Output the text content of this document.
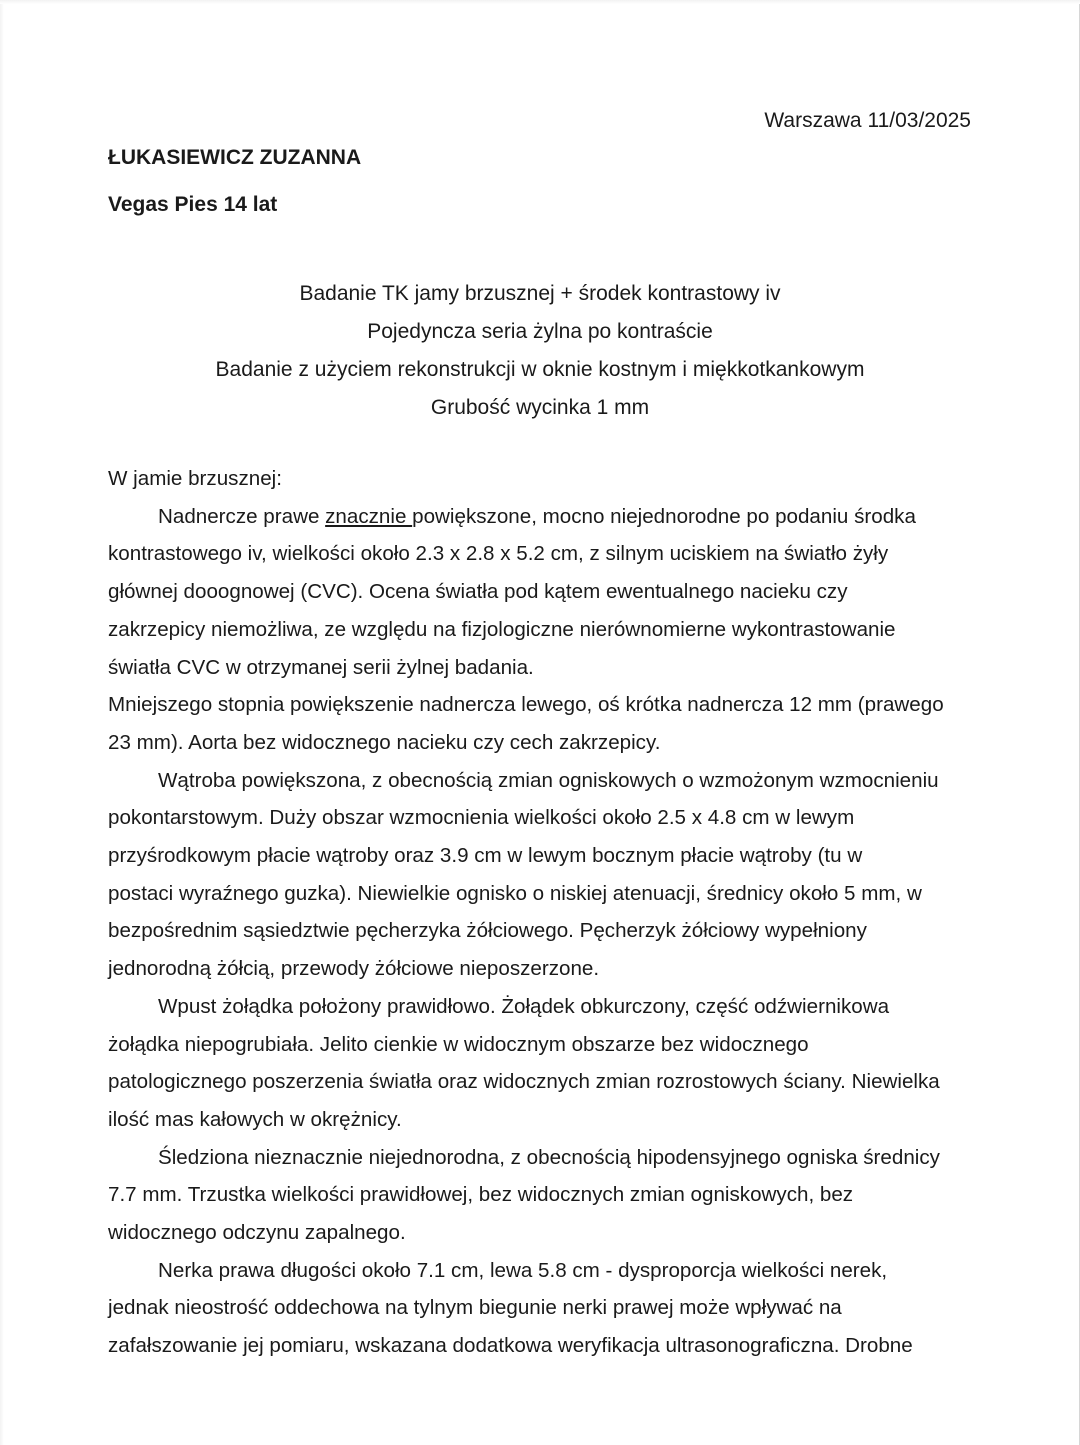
Warszawa 11/03/2025
ŁUKASIEWICZ ZUZANNA
Vegas Pies 14 lat
Badanie TK jamy brzusznej + środek kontrastowy iv
Pojedyncza seria żylna po kontraście
Badanie z użyciem rekonstrukcji w oknie kostnym i miękkotkankowym
Grubość wycinka 1 mm

W jamie brzusznej:

Nadnercze prawe znacznie powiększone, mocno niejednorodne po podaniu środka
kontrastowego iv, wielkości około 2.3 x 2.8 x 5.2 cm, z silnym uciskiem na światło żyły
głównej dooognowej (CVC). Ocena światła pod kątem ewentualnego nacieku czy
zakrzepicy niemożliwa, ze względu na fizjologiczne nierównomierne wykontrastowanie
światła CVC w otrzymanej serii żylnej badania.

Mniejszego stopnia powiększenie nadnercza lewego, oś krótka nadnercza 12 mm (prawego
23 mm). Aorta bez widocznego nacieku czy cech zakrzepicy.

Wątroba powiększona, z obecnością zmian ogniskowych o wzmożonym wzmocnieniu
pokontarstowym. Duży obszar wzmocnienia wielkości około 2.5 x 4.8 cm w lewym
przyśrodkowym płacie wątroby oraz 3.9 cm w lewym bocznym płacie wątroby (tu w
postaci wyraźnego guzka). Niewielkie ognisko o niskiej atenuacji, średnicy około 5 mm, w
bezpośrednim sąsiedztwie pęcherzyka żółciowego. Pęcherzyk żółciowy wypełniony
jednorodną żółcią, przewody żółciowe nieposzerzone.

Wpust żołądka położony prawidłowo. Żołądek obkurczony, część odźwiernikowa
żołądka niepogrubiała. Jelito cienkie w widocznym obszarze bez widocznego
patologicznego poszerzenia światła oraz widocznych zmian rozrostowych ściany. Niewielka
ilość mas kałowych w okrężnicy.

Śledziona nieznacznie niejednorodna, z obecnością hipodensyjnego ogniska średnicy
7.7 mm. Trzustka wielkości prawidłowej, bez widocznych zmian ogniskowych, bez
widocznego odczynu zapalnego.

Nerka prawa długości około 7.1 cm, lewa 5.8 cm - dysproporcja wielkości nerek,
jednak nieostrość oddechowa na tylnym biegunie nerki prawej może wpływać na
zafałszowanie jej pomiaru, wskazana dodatkowa weryfikacja ultrasonograficzna. Drobne
